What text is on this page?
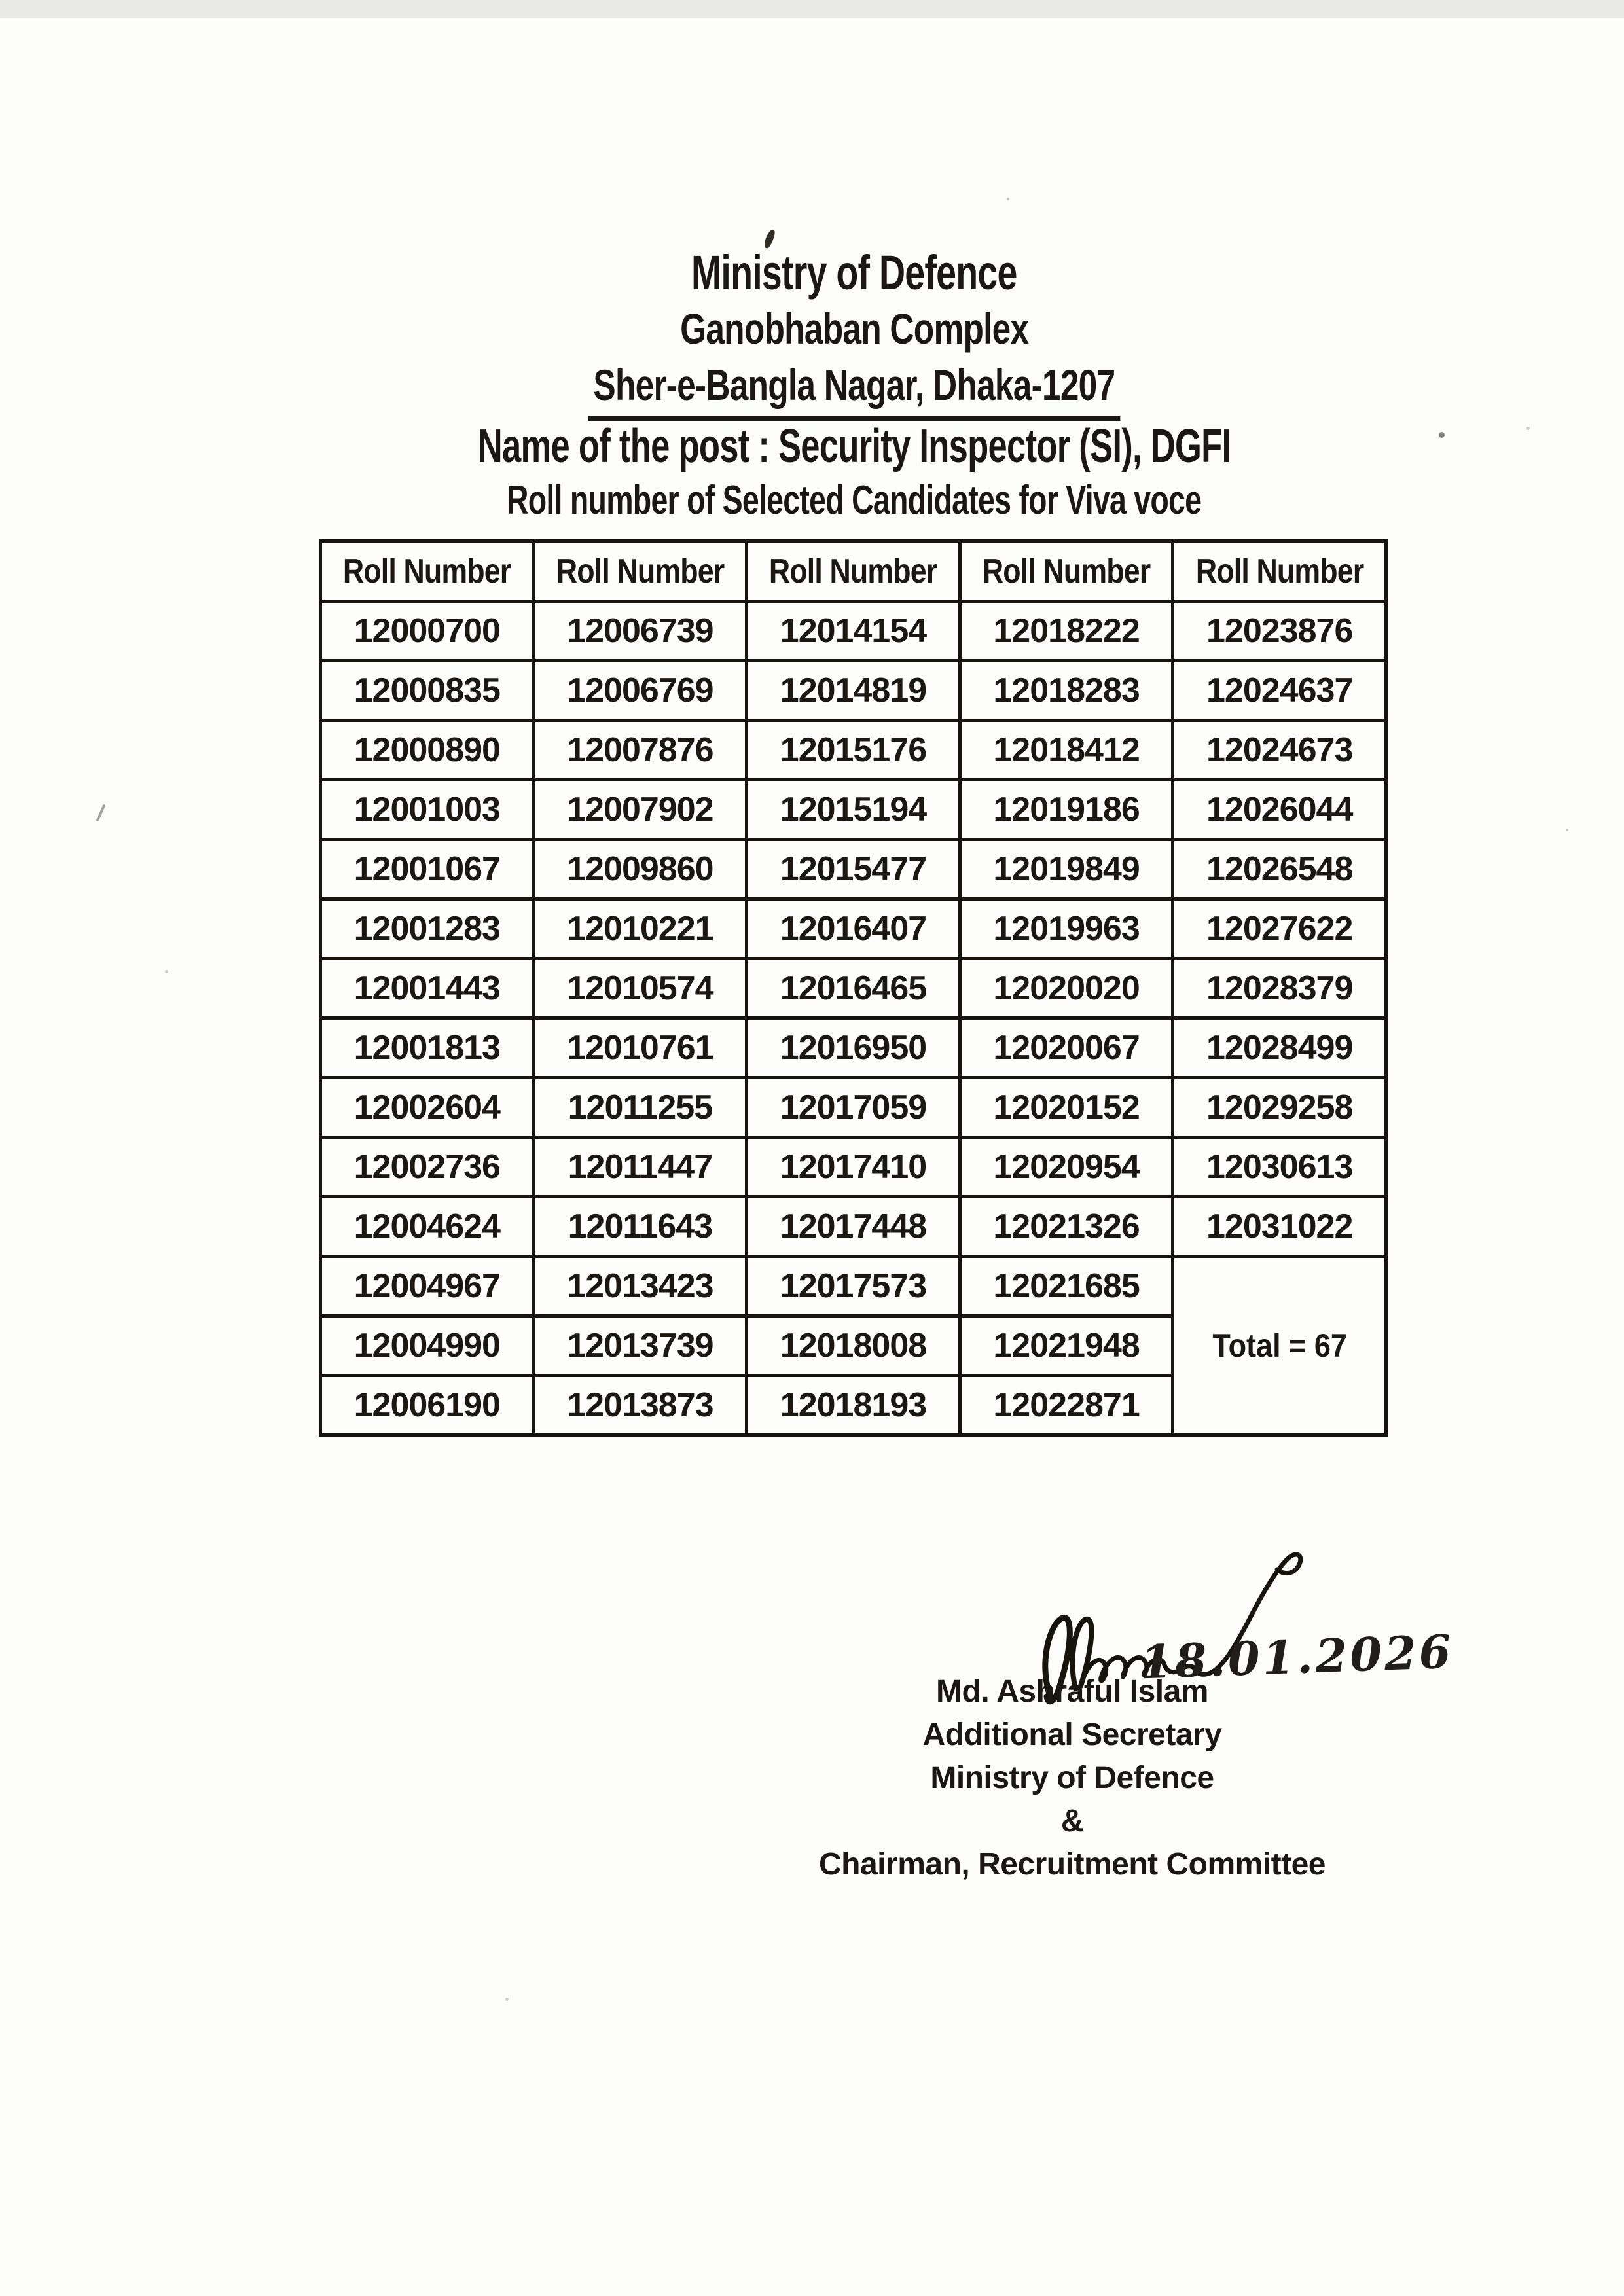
Ministry of Defence
Ganobhaban Complex
Sher-e-Bangla Nagar, Dhaka-1207
Name of the post : Security Inspector (SI), DGFI
Roll number of Selected Candidates for Viva voce
Roll Number	Roll Number	Roll Number	Roll Number	Roll Number
12000700	12006739	12014154	12018222	12023876
12000835	12006769	12014819	12018283	12024637
12000890	12007876	12015176	12018412	12024673
12001003	12007902	12015194	12019186	12026044
12001067	12009860	12015477	12019849	12026548
12001283	12010221	12016407	12019963	12027622
12001443	12010574	12016465	12020020	12028379
12001813	12010761	12016950	12020067	12028499
12002604	12011255	12017059	12020152	12029258
12002736	12011447	12017410	12020954	12030613
12004624	12011643	12017448	12021326	12031022
12004967	12013423	12017573	12021685	Total = 67
12004990	12013739	12018008	12021948	
12006190	12013873	12018193	12022871	
18.01.2026
Md. Ashraful Islam
Additional Secretary
Ministry of Defence
&
Chairman, Recruitment Committee
